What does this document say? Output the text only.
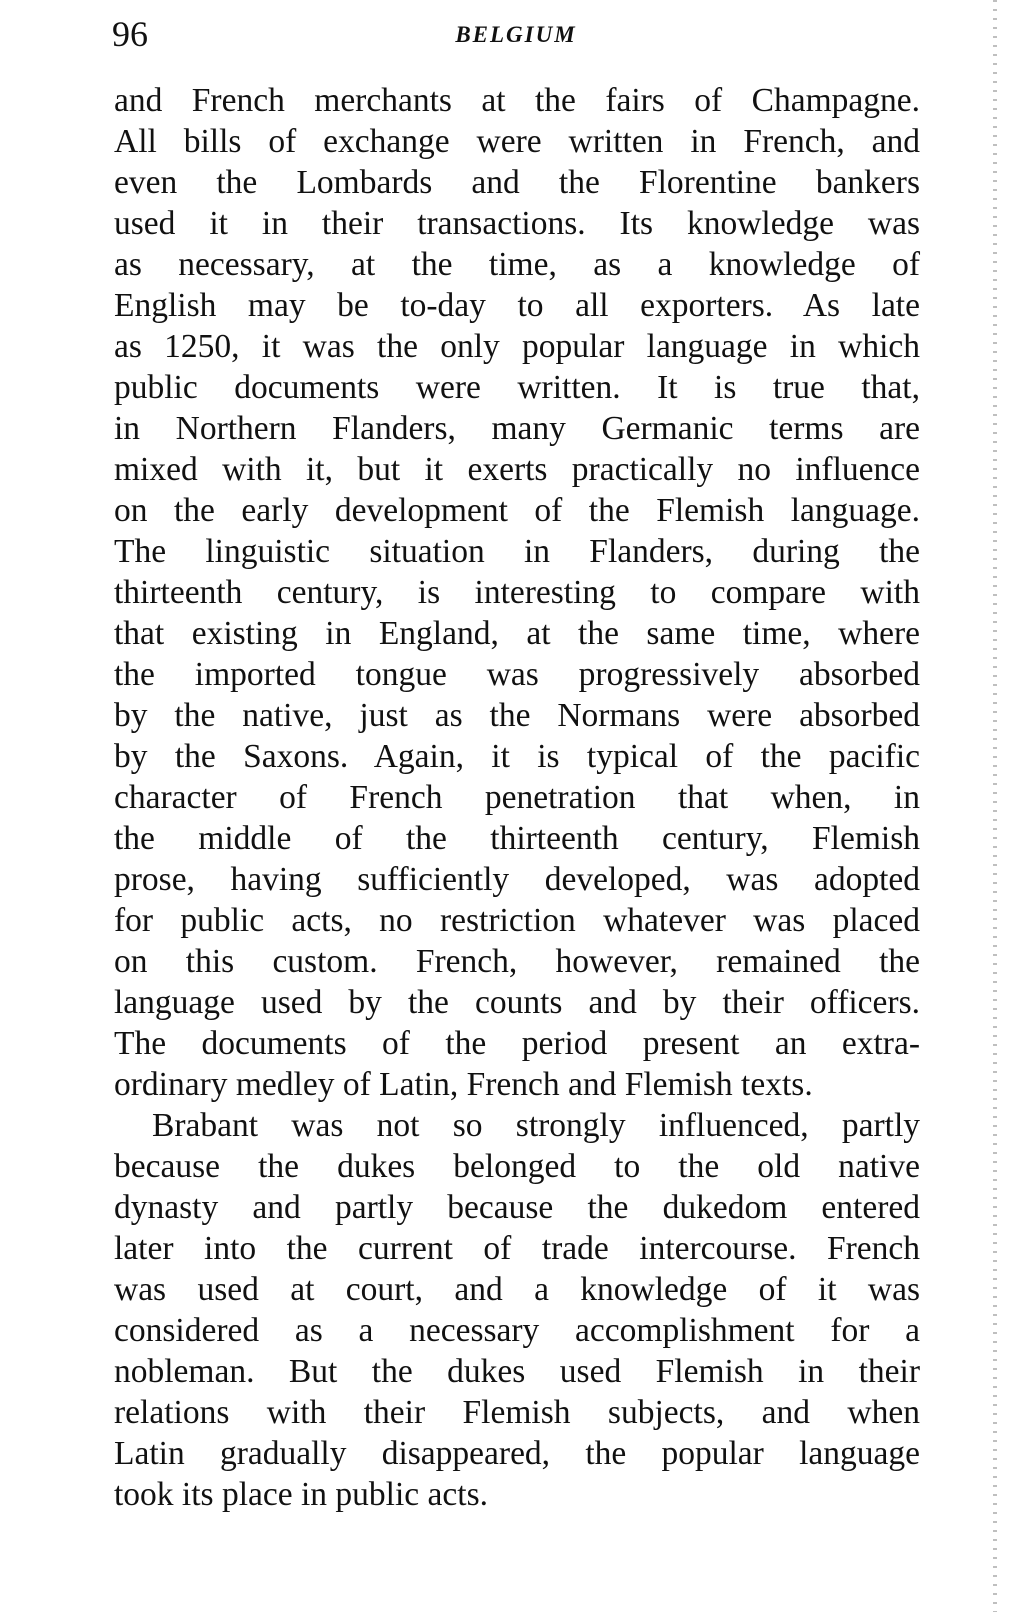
96	BELGIUM
and French merchants at the fairs of Champagne.
All bills of exchange were written in French, and
even the Lombards and the Florentine bankers
used it in their transactions. Its knowledge was
as necessary, at the time, as a knowledge of
English may be to-day to all exporters. As late
as 1250, it was the only popular language in which
public documents were written. It is true that,
in Northern Flanders, many Germanic terms are
mixed with it, but it exerts practically no influence
on the early development of the Flemish language.
The linguistic situation in Flanders, during the
thirteenth century, is interesting to compare with
that existing in England, at the same time, where
the imported tongue was progressively absorbed
by the native, just as the Normans were absorbed
by the Saxons. Again, it is typical of the pacific
character of French penetration that when, in
the middle of the thirteenth century, Flemish
prose, having sufficiently developed, was adopted
for public acts, no restriction whatever was placed
on this custom. French, however, remained the
language used by the counts and by their officers.
The documents of the period present an extra-
ordinary medley of Latin, French and Flemish texts.
Brabant was not so strongly influenced, partly
because the dukes belonged to the old native
dynasty and partly because the dukedom entered
later into the current of trade intercourse. French
was used at court, and a knowledge of it was
considered as a necessary accomplishment for a
nobleman. But the dukes used Flemish in their
relations with their Flemish subjects, and when
Latin gradually disappeared, the popular language
took its place in public acts.
